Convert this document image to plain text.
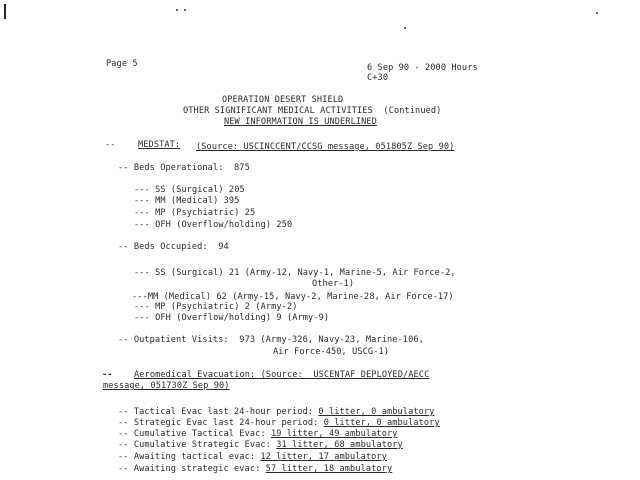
Page 5	6 Sep 90 - 2000 Hours
C+30
OPERATION DESERT SHIELD
OTHER SIGNIFICANT MEDICAL ACTIVITIES  (Continued)
NEW INFORMATION IS UNDERLINED
--	MEDSTAT: (Source: USCINCCENT/CCSG message, 051805Z Sep 90)
-- Beds Operational:  875
--- SS (Surgical) 205
--- MM (Medical) 395
--- MP (Psychiatric) 25
--- OFH (Overflow/holding) 250
-- Beds Occupied:  94
--- SS (Surgical) 21 (Army-12, Navy-1, Marine-5, Air Force-2,
Other-1)
---MM (Medical) 62 (Army-15, Navy-2, Marine-28, Air Force-17)
--- MP (Psychiatric) 2 (Army-2)
--- OFH (Overflow/holding) 9 (Army-9)
-- Outpatient Visits:  973 (Army-326, Navy-23, Marine-106,
Air Force-450, USCG-1)
-- Aeromedical Evacuation: (Source:  USCENTAF DEPLOYED/AECC
message, 051730Z Sep 90)
-- Tactical Evac last 24-hour period: 0 litter, 0 ambulatory
-- Strategic Evac last 24-hour period: 0 litter, 0 ambulatory
-- Cumulative Tactical Evac: 19 litter, 49 ambulatory
-- Cumulative Strategic Evac: 31 litter, 68 ambulatory
-- Awaiting tactical evac: 12 litter, 17 ambulatory
-- Awaiting strategic evac: 57 litter, 18 ambulatory
